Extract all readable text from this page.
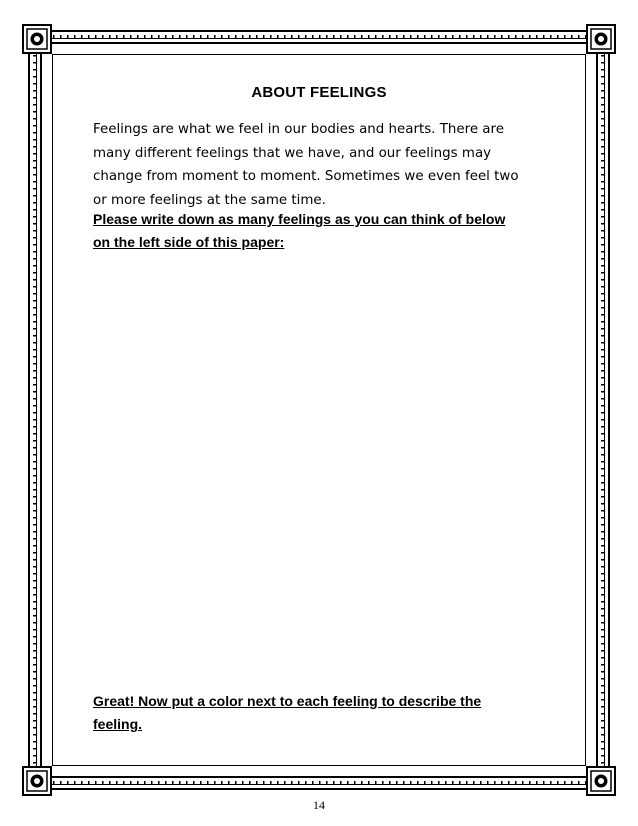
ABOUT FEELINGS

Feelings are what we feel in our bodies and hearts. There are
many different feelings that we have, and our feelings may
change from moment to moment. Sometimes we even feel two
or more feelings at the same time.

Please write down as many feelings as you can think of below
on the left side of this paper:

Great! Now put a color next to each feeling to describe the
feeling.

14
